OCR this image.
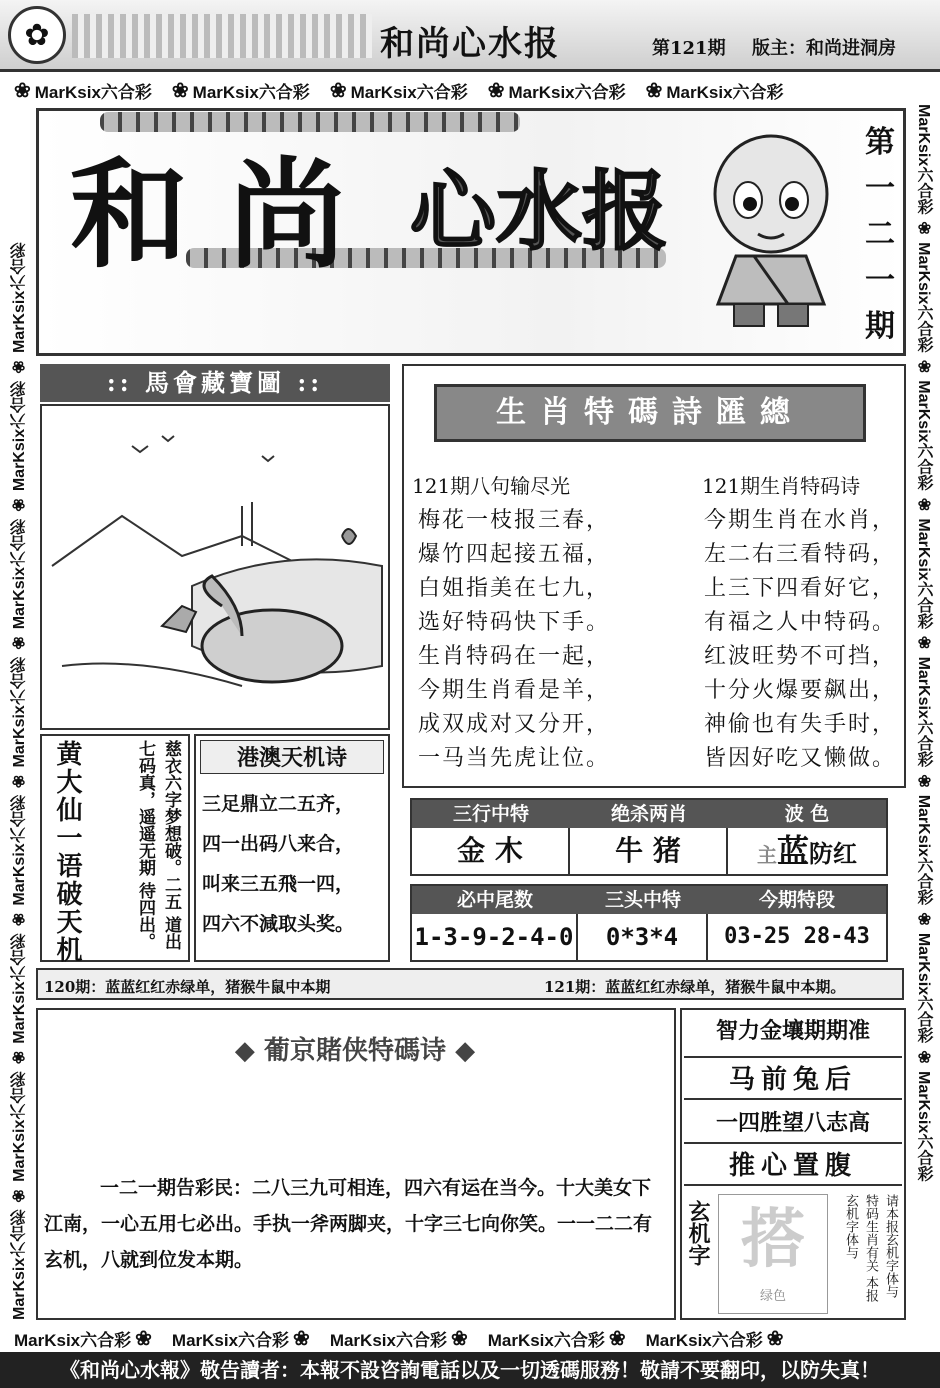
✿	和尚心水报	第121期 版主：和尚进洞房
❀ MarKsix六合彩 ❀ MarKsix六合彩 ❀ MarKsix六合彩 ❀ MarKsix六合彩 ❀ MarKsix六合彩
MarKsix六合彩 ❀ MarKsix六合彩 ❀ MarKsix六合彩 ❀ MarKsix六合彩 ❀ MarKsix六合彩 ❀
MarKsix六合彩 ❀ MarKsix六合彩 ❀ MarKsix六合彩 ❀ MarKsix六合彩 ❀ MarKsix六合彩 ❀ MarKsix六合彩 ❀ MarKsix六合彩 ❀ MarKsix六合彩
MarKsix六合彩 ❀ MarKsix六合彩 ❀ MarKsix六合彩 ❀ MarKsix六合彩 ❀ MarKsix六合彩 ❀ MarKsix六合彩 ❀ MarKsix六合彩 ❀ MarKsix六合彩
和尚 心水报
第一二一期
:: 馬會藏寶圖 ::
生肖特碼詩匯總
121期八句输尽光	121期生肖特码诗
梅花一枝报三春，
爆竹四起接五福，
白姐指美在七九，
选好特码快下手。
生肖特码在一起，
今期生肖看是羊，
成双成对又分开，
一马当先虎让位。
今期生肖在水肖，
左二右三看特码，
上三下四看好它，
有福之人中特码。
红波旺势不可挡，
十分火爆要飙出，
神偷也有失手时，
皆因好吃又懒做。
黄大仙一语破天机	慈衣六字梦想破。二五 道出七码真，遥遥无期 待四出。
港澳天机诗
三足鼎立二五齐，
四一出码八来合，
叫来三五飛一四，
四六不減取头奖。
三行中特	绝杀两肖	波 色
金 木	牛 猪	主蓝防红
必中尾数	三头中特	今期特段
1-3-9-2-4-0	0*3*4	03-25 28-43
120期：蓝蓝红红赤绿单，猪猴牛鼠中本期	121期：蓝蓝红红赤绿单，猪猴牛鼠中本期。
◆ 葡京賭侠特碼诗 ◆
一二一期告彩民：二八三九可相连，四六有运在当今。十大美女下
江南，一心五用七必出。手执一斧两脚夹，十字三七向你笑。一一二二有
玄机，八就到位发本期。
智力金壤期期准
马前兔后
一四胜望八志高
推心置腹
玄机字 搭
绿色	请本报玄机字体与 特码生肖有关 本报玄机字体与
《和尚心水報》敬告讀者：本報不設咨詢電話以及一切透碼服務！敬請不要翻印，以防失真！
